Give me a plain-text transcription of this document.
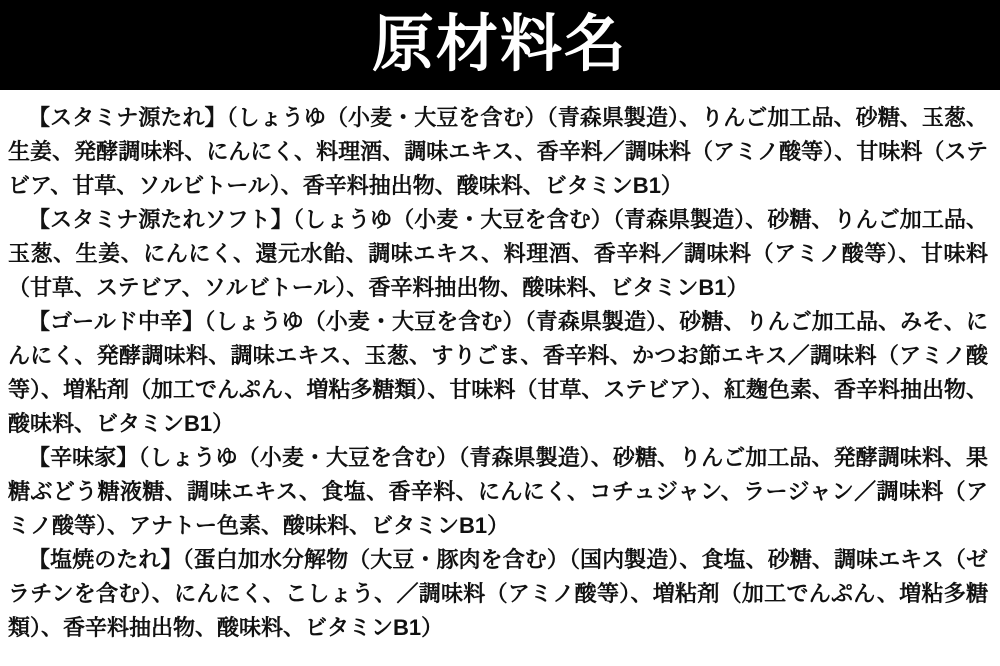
原材料名

【スタミナ源たれ】（しょうゆ（小麦・大豆を含む）（青森県製造）、りんご加工品、砂糖、玉葱、生姜、発酵調味料、にんにく、料理酒、調味エキス、香辛料／調味料（アミノ酸等）、甘味料（ステビア、甘草、ソルビトール）、香辛料抽出物、酸味料、ビタミンB1）

【スタミナ源たれソフト】（しょうゆ（小麦・大豆を含む）（青森県製造）、砂糖、りんご加工品、玉葱、生姜、にんにく、還元水飴、調味エキス、料理酒、香辛料／調味料（アミノ酸等）、甘味料（甘草、ステビア、ソルビトール）、香辛料抽出物、酸味料、ビタミンB1）

【ゴールド中辛】（しょうゆ（小麦・大豆を含む）（青森県製造）、砂糖、りんご加工品、みそ、にんにく、発酵調味料、調味エキス、玉葱、すりごま、香辛料、かつお節エキス／調味料（アミノ酸等）、増粘剤（加工でんぷん、増粘多糖類）、甘味料（甘草、ステビア）、紅麹色素、香辛料抽出物、酸味料、ビタミンB1）

【辛味家】（しょうゆ（小麦・大豆を含む）（青森県製造）、砂糖、りんご加工品、発酵調味料、果糖ぶどう糖液糖、調味エキス、食塩、香辛料、にんにく、コチュジャン、ラージャン／調味料（アミノ酸等）、アナトー色素、酸味料、ビタミンB1）

【塩焼のたれ】（蛋白加水分解物（大豆・豚肉を含む）（国内製造）、食塩、砂糖、調味エキス（ゼラチンを含む）、にんにく、こしょう、／調味料（アミノ酸等）、増粘剤（加工でんぷん、増粘多糖類）、香辛料抽出物、酸味料、ビタミンB1）
